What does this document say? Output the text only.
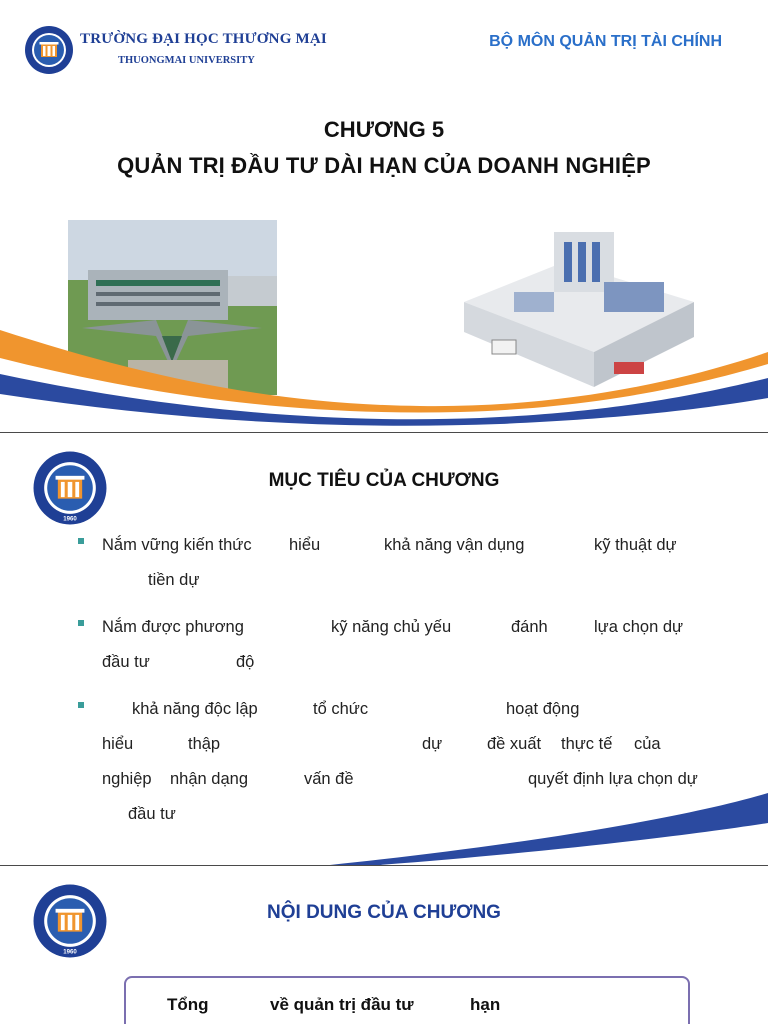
TRƯỜNG ĐẠI HỌC THƯƠNG MẠI
THUONGMAI UNIVERSITY
BỘ MÔN QUẢN TRỊ TÀI CHÍNH
CHƯƠNG 5
QUẢN TRỊ ĐẦU TƯ DÀI HẠN CỦA DOANH NGHIỆP
1960
MỤC TIÊU CỦA CHƯƠNG
Nắm vững kiến thức hiểu	khả năng vận dụng	kỹ thuật dự
tiền dự
Nắm được phương	kỹ năng chủ yếu	đánh	lựa chọn dự
đầu tư	độ
khả năng độc lập	tổ chức	hoạt động
hiểu	thập	dự	đề xuất thực tế của
nghiệp nhận dạng	vấn đề	quyết định lựa chọn dự
đầu tư
1960
NỘI DUNG CỦA CHƯƠNG
Tổng	về quản trị đầu tư	hạn
